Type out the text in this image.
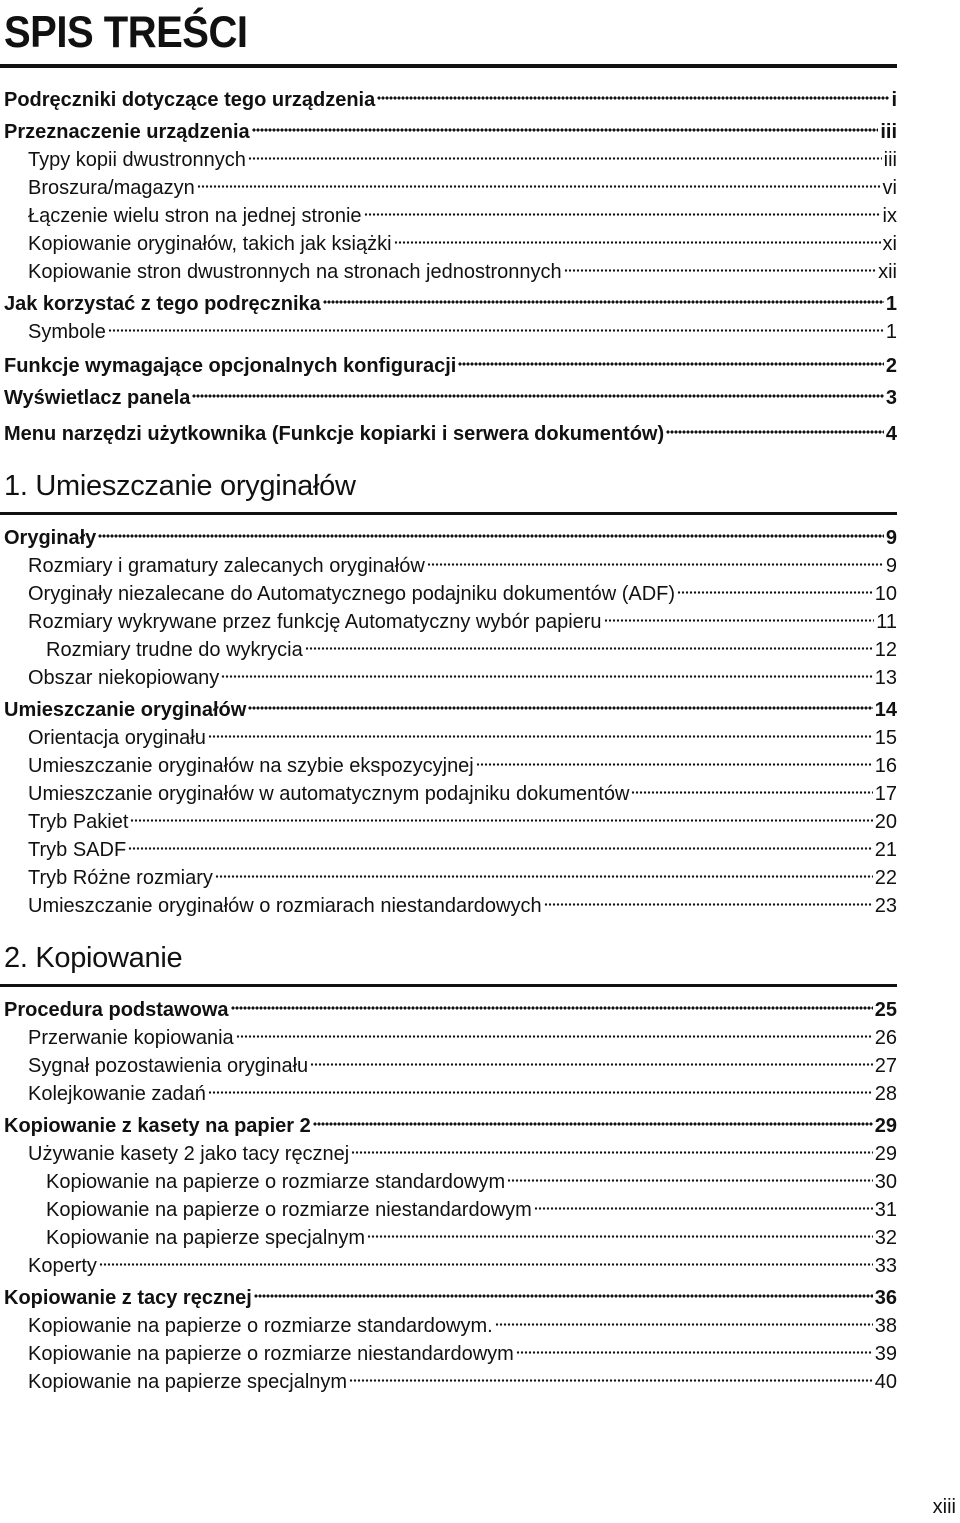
SPIS TREŚCI
Podręczniki dotyczące tego urządzenia	i
Przeznaczenie urządzenia	iii
Typy kopii dwustronnych	iii
Broszura/magazyn	vi
Łączenie wielu stron na jednej stronie	ix
Kopiowanie oryginałów, takich jak książki	xi
Kopiowanie stron dwustronnych na stronach jednostronnych	xii
Jak korzystać z tego podręcznika	1
Symbole	1
Funkcje wymagające opcjonalnych konfiguracji	2
Wyświetlacz panela	3
Menu narzędzi użytkownika (Funkcje kopiarki i serwera dokumentów)	4
1. Umieszczanie oryginałów
Oryginały	9
Rozmiary i gramatury zalecanych oryginałów	9
Oryginały niezalecane do Automatycznego podajniku dokumentów (ADF)	10
Rozmiary wykrywane przez funkcję Automatyczny wybór papieru	11
Rozmiary trudne do wykrycia	12
Obszar niekopiowany	13
Umieszczanie oryginałów	14
Orientacja oryginału	15
Umieszczanie oryginałów na szybie ekspozycyjnej	16
Umieszczanie oryginałów w automatycznym podajniku dokumentów	17
Tryb Pakiet	20
Tryb SADF	21
Tryb Różne rozmiary	22
Umieszczanie oryginałów o rozmiarach niestandardowych	23
2. Kopiowanie
Procedura podstawowa	25
Przerwanie kopiowania	26
Sygnał pozostawienia oryginału	27
Kolejkowanie zadań	28
Kopiowanie z kasety na papier 2	29
Używanie kasety 2 jako tacy ręcznej	29
Kopiowanie na papierze o rozmiarze standardowym	30
Kopiowanie na papierze o rozmiarze niestandardowym	31
Kopiowanie na papierze specjalnym	32
Koperty	33
Kopiowanie z tacy ręcznej	36
Kopiowanie na papierze o rozmiarze standardowym.	38
Kopiowanie na papierze o rozmiarze niestandardowym	39
Kopiowanie na papierze specjalnym	40
xiii
